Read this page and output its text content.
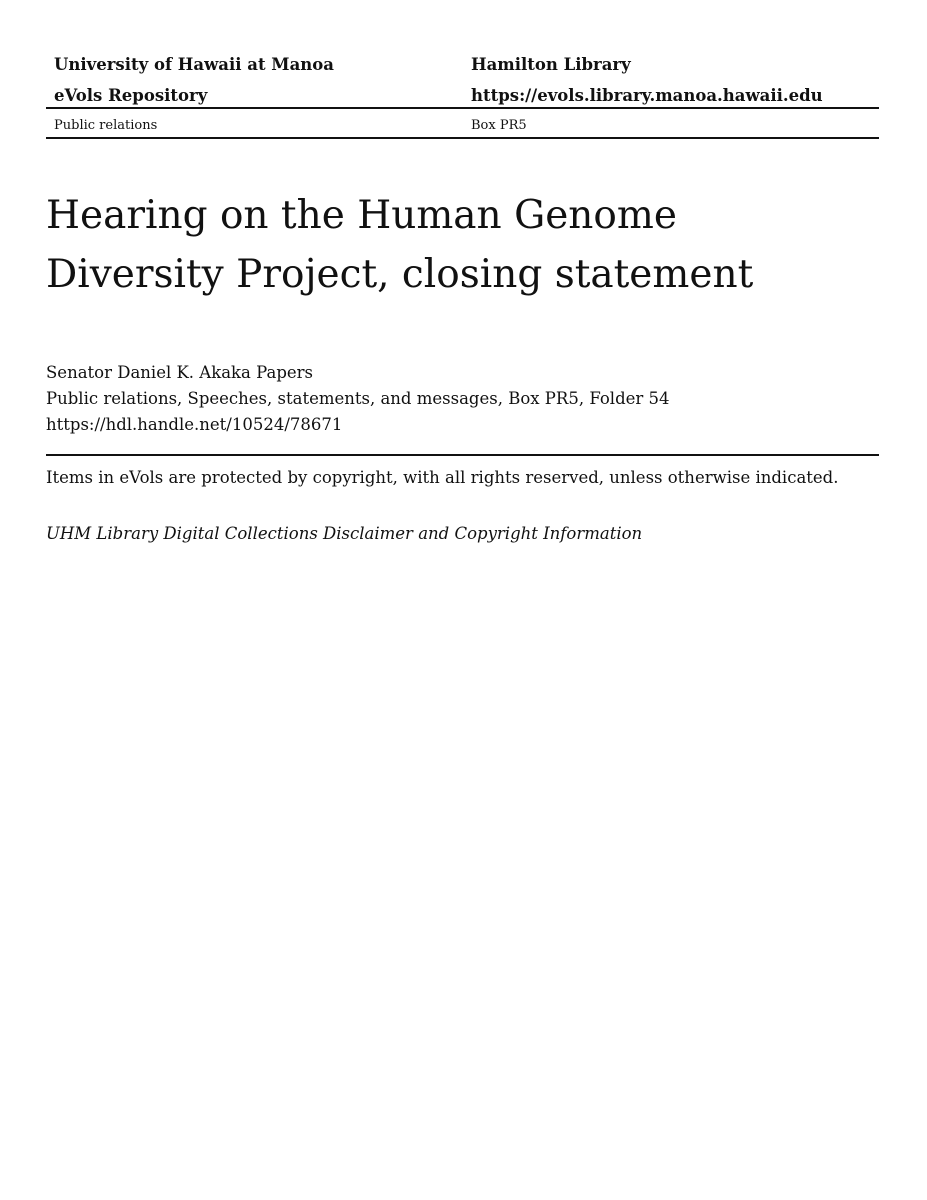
University of Hawaii at Manoa	Hamilton Library
eVols Repository	https://evols.library.manoa.hawaii.edu
Public relations	Box PR5
Hearing on the Human Genome
Diversity Project, closing statement
Senator Daniel K. Akaka Papers
Public relations, Speeches, statements, and messages, Box PR5, Folder 54
https://hdl.handle.net/10524/78671
Items in eVols are protected by copyright, with all rights reserved, unless otherwise indicated.
UHM Library Digital Collections Disclaimer and Copyright Information
